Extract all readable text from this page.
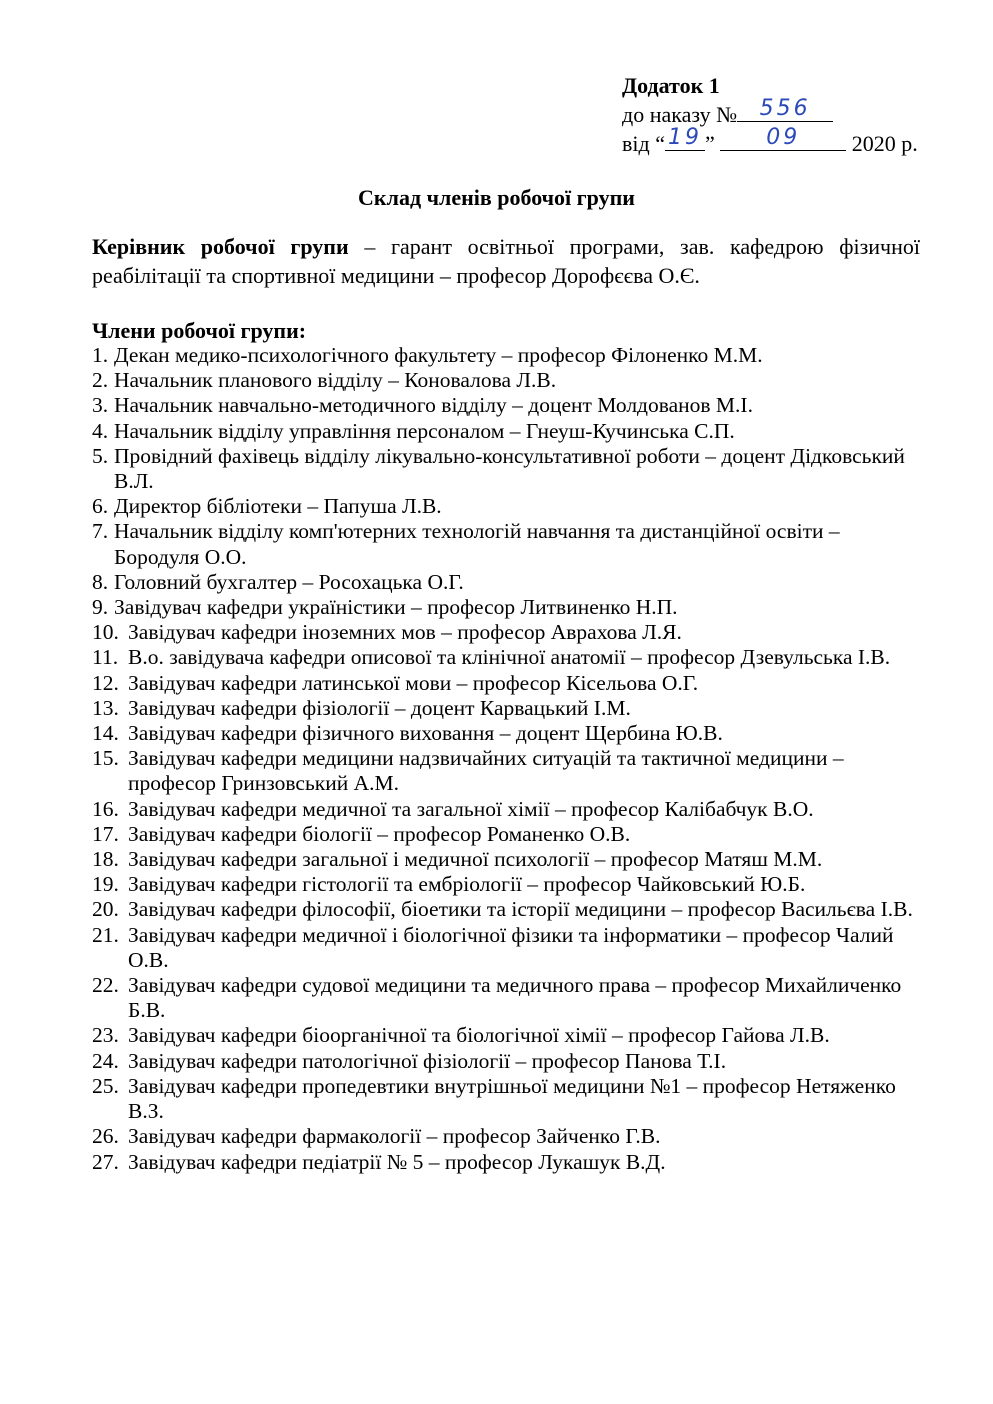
Додаток 1
до наказу №	556
від “ 19 ”	09	2020 р.
Склад членів робочої групи
Керівник робочої групи – гарант освітньої програми, зав. кафедрою фізичної реабілітації та спортивної медицини – професор Дорофєєва О.Є.
Члени робочої групи:
1. Декан медико-психологічного факультету – професор Філоненко М.М.
2. Начальник планового відділу – Коновалова Л.В.
3. Начальник навчально-методичного відділу – доцент Молдованов М.І.
4. Начальник відділу управління персоналом – Гнеуш-Кучинська С.П.
5. Провідний фахівець відділу лікувально-консультативної роботи – доцент Дідковський В.Л.
6. Директор бібліотеки – Папуша Л.В.
7. Начальник відділу комп'ютерних технологій навчання та дистанційної освіти – Бородуля О.О.
8. Головний бухгалтер – Росохацька О.Г.
9. Завідувач кафедри україністики – професор Литвиненко Н.П.
10. Завідувач кафедри іноземних мов – професор Аврахова Л.Я.
11. В.о. завідувача кафедри описової та клінічної анатомії – професор Дзевульська І.В.
12. Завідувач кафедри латинської мови – професор Кісельова О.Г.
13. Завідувач кафедри фізіології – доцент Карвацький І.М.
14. Завідувач кафедри фізичного виховання – доцент Щербина Ю.В.
15. Завідувач кафедри медицини надзвичайних ситуацій та тактичної медицини – професор Гринзовський А.М.
16. Завідувач кафедри медичної та загальної хімії – професор Калібабчук В.О.
17. Завідувач кафедри біології – професор Романенко О.В.
18. Завідувач кафедри загальної і медичної психології – професор Матяш М.М.
19. Завідувач кафедри гістології та ембріології – професор Чайковський Ю.Б.
20. Завідувач кафедри філософії, біоетики та історії медицини – професор Васильєва І.В.
21. Завідувач кафедри медичної і біологічної фізики та інформатики – професор Чалий О.В.
22. Завідувач кафедри судової медицини та медичного права – професор Михайличенко Б.В.
23. Завідувач кафедри біоорганічної та біологічної хімії – професор Гайова Л.В.
24. Завідувач кафедри патологічної фізіології – професор Панова Т.І.
25. Завідувач кафедри пропедевтики внутрішньої медицини №1 – професор Нетяженко В.З.
26. Завідувач кафедри фармакології – професор Зайченко Г.В.
27. Завідувач кафедри педіатрії № 5 – професор Лукашук В.Д.
